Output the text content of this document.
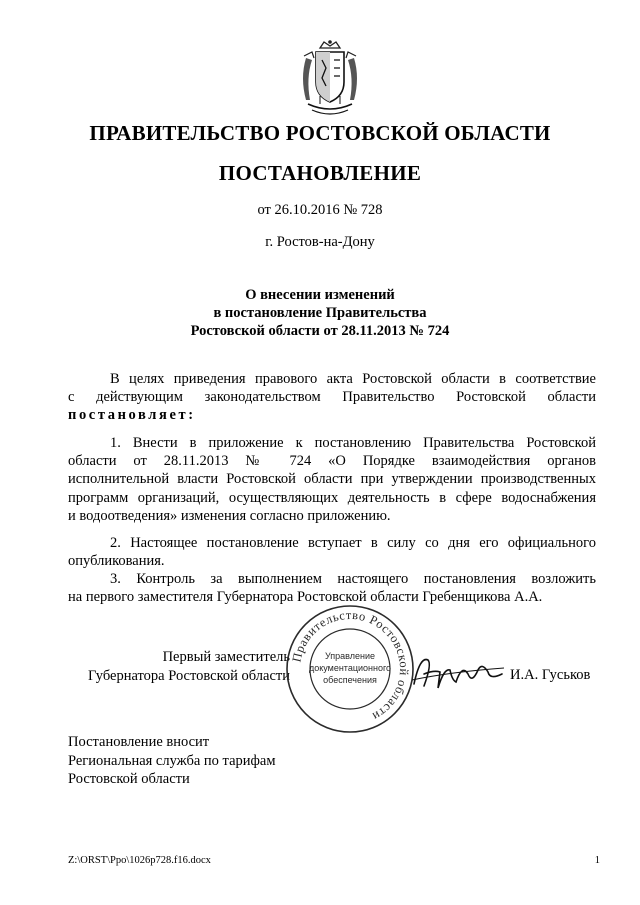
ПРАВИТЕЛЬСТВО РОСТОВСКОЙ ОБЛАСТИ
ПОСТАНОВЛЕНИЕ
от 26.10.2016 № 728
г. Ростов-на-Дону
О внесении изменений
в постановление Правительства
Ростовской области от 28.11.2013 № 724
В целях приведения правового акта Ростовской области в соответствие
с действующим законодательством Правительство Ростовской области
постановляет:
1. Внести в приложение к постановлению Правительства Ростовской
области от 28.11.2013 № 724 «О Порядке взаимодействия органов
исполнительной власти Ростовской области при утверждении производственных
программ организаций, осуществляющих деятельность в сфере водоснабжения
и водоотведения» изменения согласно приложению.
2. Настоящее постановление вступает в силу со дня его официального
опубликования.
3. Контроль за выполнением настоящего постановления возложить
на первого заместителя Губернатора Ростовской области Гребенщикова А.А.
Первый заместитель
Губернатора Ростовской области
Правительство Ростовской области
Управление
документационного
обеспечения	И.А. Гуськов
Постановление вносит
Региональная служба по тарифам
Ростовской области
Z:\ORST\Ppo\1026p728.f16.docx	1
